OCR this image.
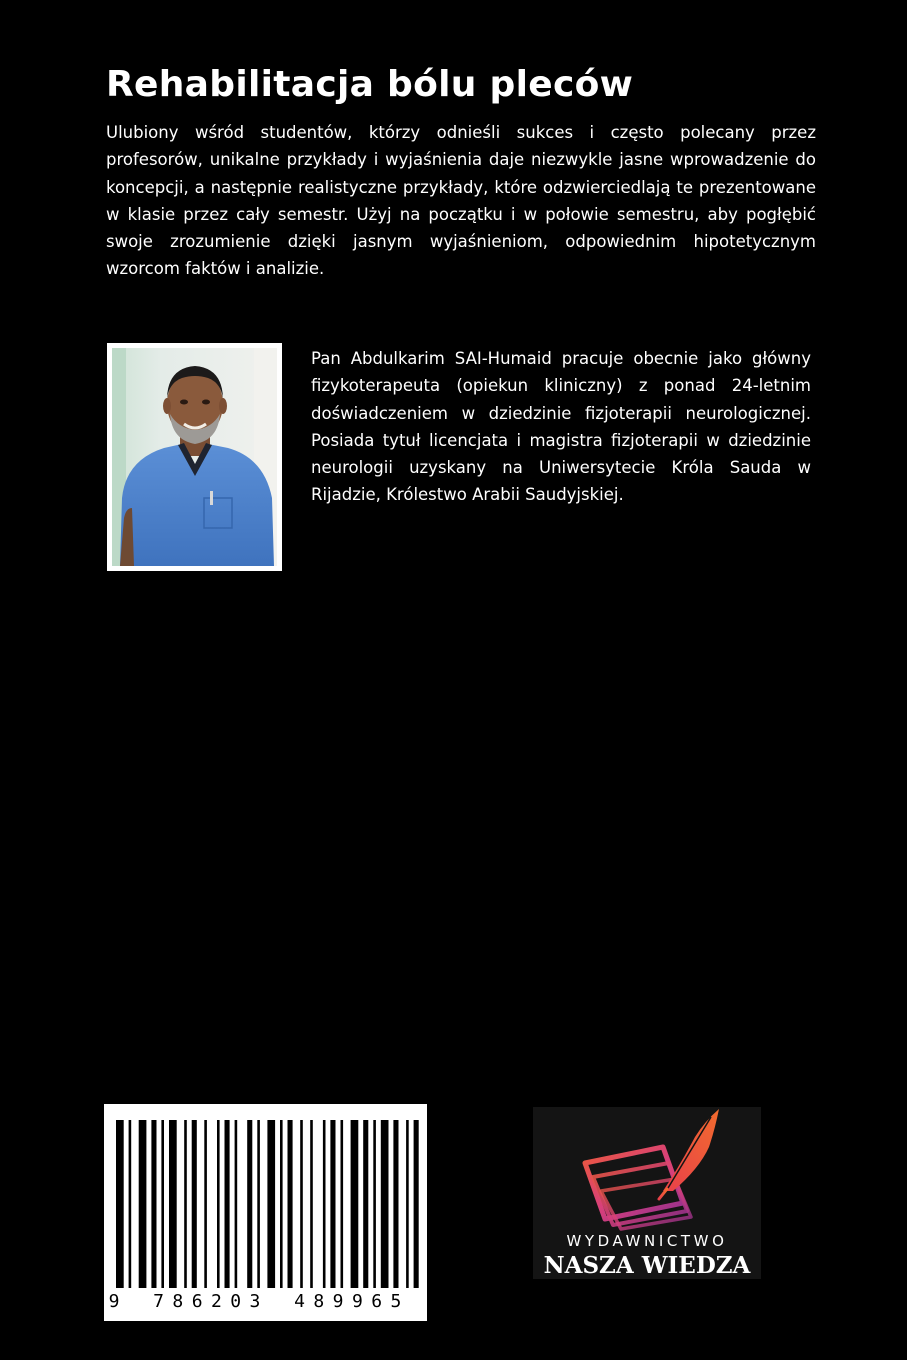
Rehabilitacja bólu pleców

Ulubiony wśród studentów, którzy odnieśli sukces i często polecany przez profesorów, unikalne przykłady i wyjaśnienia daje niezwykle jasne wprowadzenie do koncepcji, a następnie realistyczne przykłady, które odzwierciedlają te prezentowane w klasie przez cały semestr. Użyj na początku i w połowie semestru, aby pogłębić swoje zrozumienie dzięki jasnym wyjaśnieniom, odpowiednim hipotetycznym wzorcom faktów i analizie.

Pan Abdulkarim SAI-Humaid pracuje obecnie jako główny fizykoterapeuta (opiekun kliniczny) z ponad 24-letnim doświadczeniem w dziedzinie fizjoterapii neurologicznej. Posiada tytuł licencjata i magistra fizjoterapii w dziedzinie neurologii uzyskany na Uniwersytecie Króla Sauda w Rijadzie, Królestwo Arabii Saudyjskiej.

9 7 8 6 2 0 3 4 8 9 9 6 5
WYDAWNICTWO
NASZA WIEDZA
